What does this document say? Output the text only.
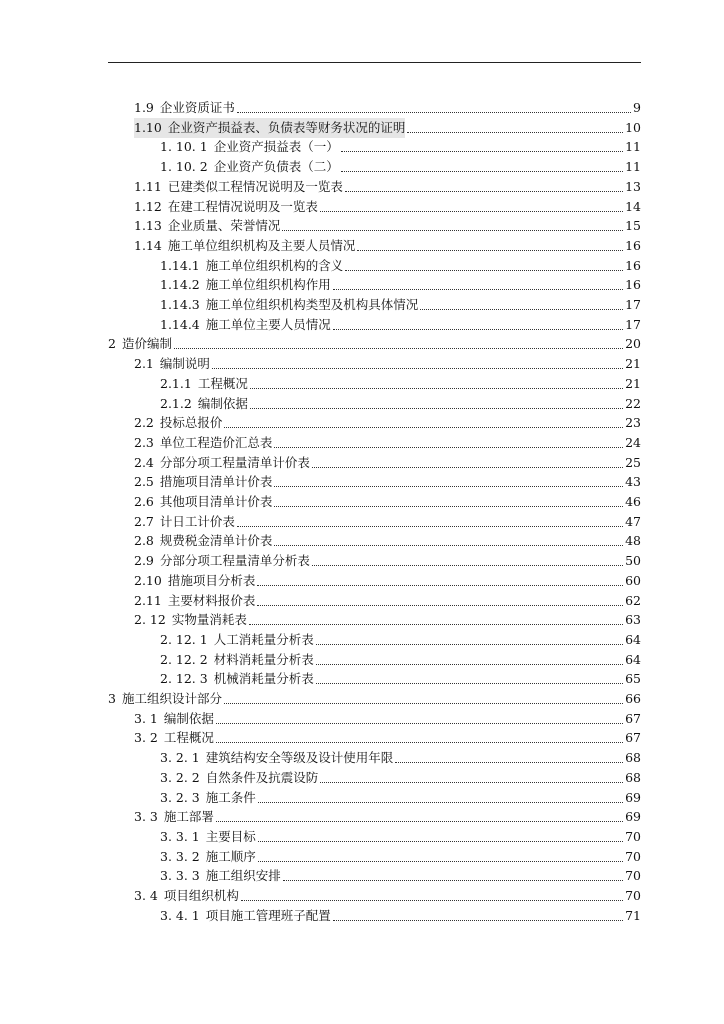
1.9 企业资质证书	9
1.10 企业资产损益表、负债表等财务状况的证明	10
1. 10. 1 企业资产损益表（一）	11
1. 10. 2 企业资产负债表（二）	11
1.11 已建类似工程情况说明及一览表	13
1.12 在建工程情况说明及一览表	14
1.13 企业质量、荣誉情况	15
1.14 施工单位组织机构及主要人员情况	16
1.14.1 施工单位组织机构的含义	16
1.14.2 施工单位组织机构作用	16
1.14.3 施工单位组织机构类型及机构具体情况	17
1.14.4 施工单位主要人员情况	17
2 造价编制	20
2.1 编制说明	21
2.1.1 工程概况	21
2.1.2 编制依据	22
2.2 投标总报价	23
2.3 单位工程造价汇总表	24
2.4 分部分项工程量清单计价表	25
2.5 措施项目清单计价表	43
2.6 其他项目清单计价表	46
2.7 计日工计价表	47
2.8 规费税金清单计价表	48
2.9 分部分项工程量清单分析表	50
2.10 措施项目分析表	60
2.11 主要材料报价表	62
2. 12 实物量消耗表	63
2. 12. 1 人工消耗量分析表	64
2. 12. 2 材料消耗量分析表	64
2. 12. 3 机械消耗量分析表	65
3 施工组织设计部分	66
3. 1 编制依据	67
3. 2 工程概况	67
3. 2. 1 建筑结构安全等级及设计使用年限	68
3. 2. 2 自然条件及抗震设防	68
3. 2. 3 施工条件	69
3. 3 施工部署	69
3. 3. 1 主要目标	70
3. 3. 2 施工顺序	70
3. 3. 3 施工组织安排	70
3. 4 项目组织机构	70
3. 4. 1 项目施工管理班子配置	71
